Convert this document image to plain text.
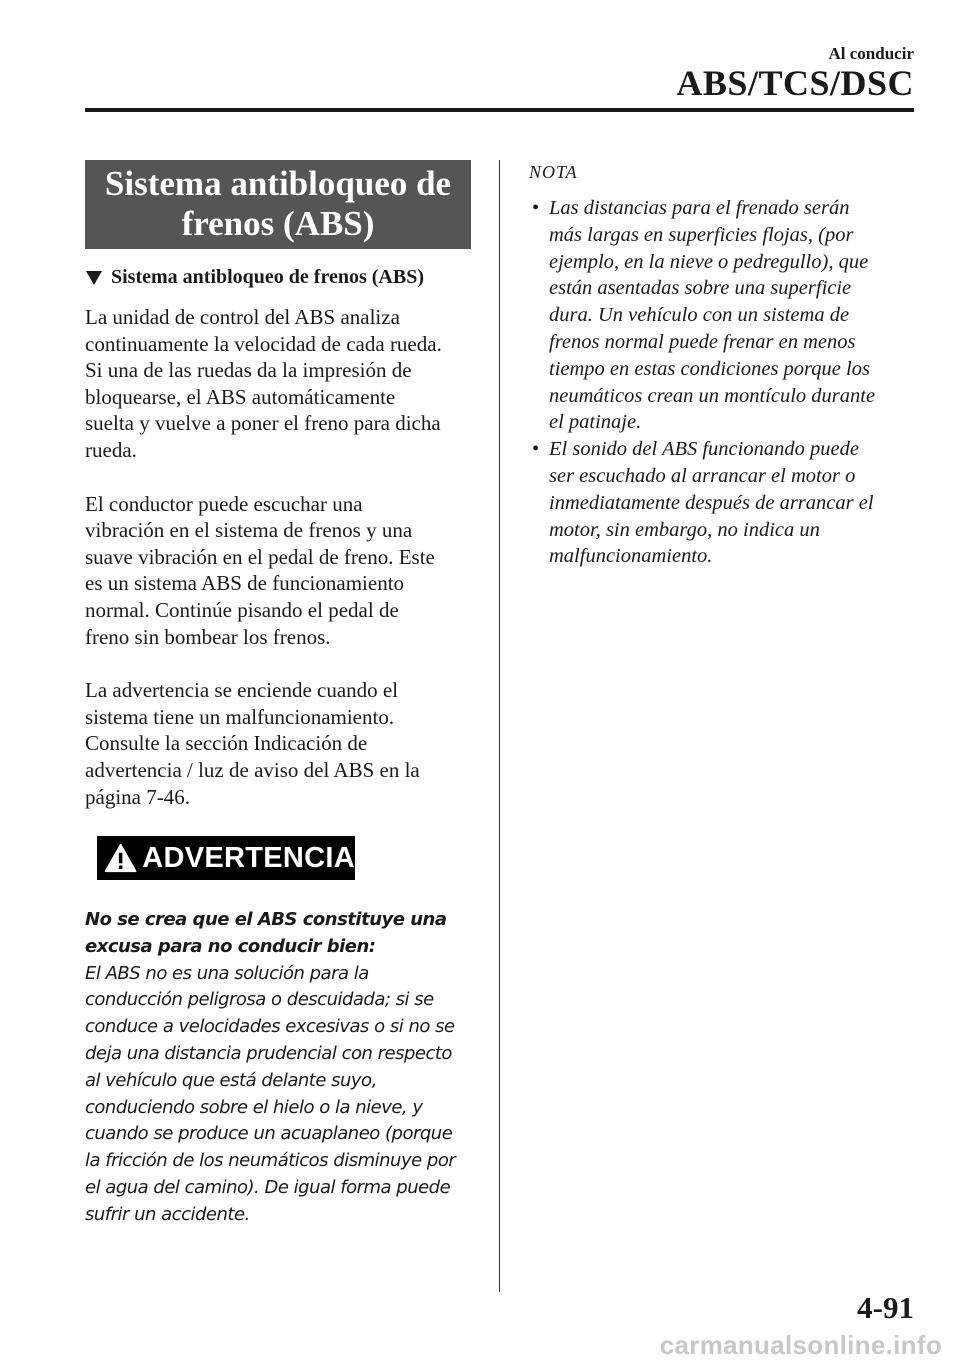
Al conducir
ABS/TCS/DSC
Sistema antibloqueo de
frenos (ABS)
Sistema antibloqueo de frenos (ABS)

La unidad de control del ABS analiza
continuamente la velocidad de cada rueda.
Si una de las ruedas da la impresión de
bloquearse, el ABS automáticamente
suelta y vuelve a poner el freno para dicha
rueda.

El conductor puede escuchar una
vibración en el sistema de frenos y una
suave vibración en el pedal de freno. Este
es un sistema ABS de funcionamiento
normal. Continúe pisando el pedal de
freno sin bombear los frenos.

La advertencia se enciende cuando el
sistema tiene un malfuncionamiento.
Consulte la sección Indicación de
advertencia / luz de aviso del ABS en la
página 7-46.

ADVERTENCIA
No se crea que el ABS constituye una
excusa para no conducir bien:
El ABS no es una solución para la
conducción peligrosa o descuidada; si se
conduce a velocidades excesivas o si no se
deja una distancia prudencial con respecto
al vehículo que está delante suyo,
conduciendo sobre el hielo o la nieve, y
cuando se produce un acuaplaneo (porque
la fricción de los neumáticos disminuye por
el agua del camino). De igual forma puede
sufrir un accidente.
NOTA
• Las distancias para el frenado serán
más largas en superficies flojas, (por
ejemplo, en la nieve o pedregullo), que
están asentadas sobre una superficie
dura. Un vehículo con un sistema de
frenos normal puede frenar en menos
tiempo en estas condiciones porque los
neumáticos crean un montículo durante
el patinaje.
• El sonido del ABS funcionando puede
ser escuchado al arrancar el motor o
inmediatamente después de arrancar el
motor, sin embargo, no indica un
malfuncionamiento.
4-91
carmanualsonline.info
